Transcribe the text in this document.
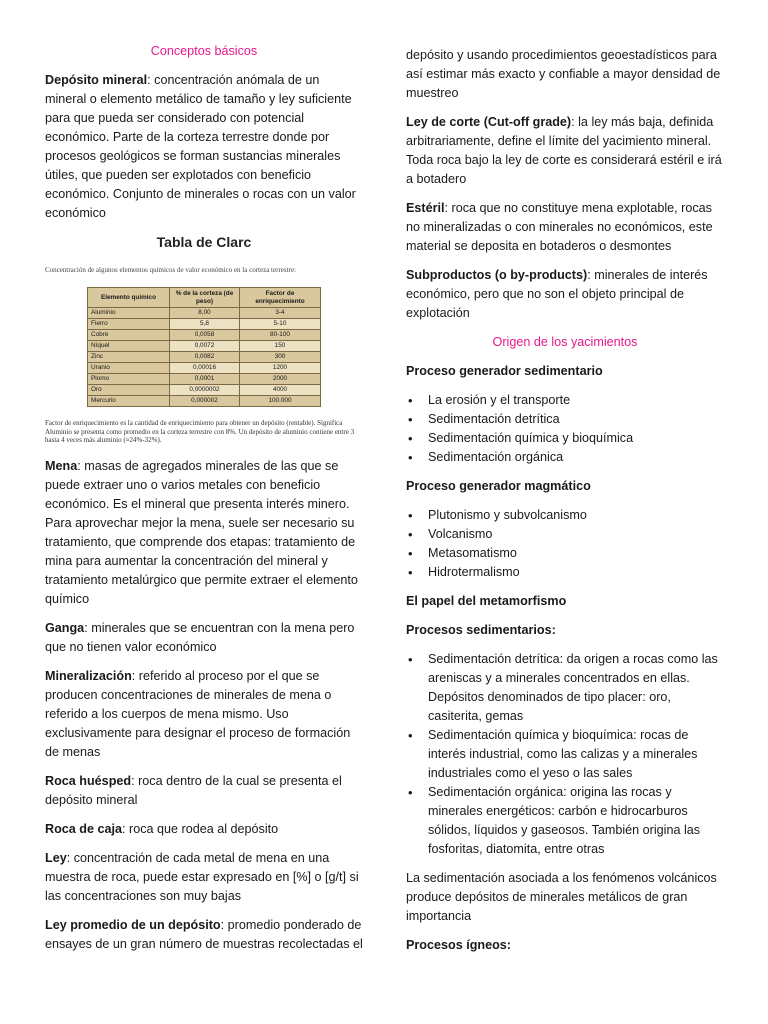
Conceptos básicos

Depósito mineral: concentración anómala de un mineral o elemento metálico de tamaño y ley suficiente para que pueda ser considerado con potencial económico. Parte de la corteza terrestre donde por procesos geológicos se forman sustancias minerales útiles, que pueden ser explotados con beneficio económico. Conjunto de minerales o rocas con un valor económico

Tabla de Clarc
Concentración de algunos elementos químicos de valor económico en la corteza terrestre:
Elemento químico	% de la corteza (de peso)	Factor de enriquecimiento
Aluminio	8,00	3-4
Fierro	5,8	5-10
Cobre	0,0058	80-100
Níquel	0,0072	150
Zinc	0,0082	300
Uranio	0,00016	1200
Plomo	0,0001	2000
Oro	0,0000002	4000
Mercurio	0,000002	100.000
Factor de enriquecimiento es la cantidad de enriquecimiento para obtener un depósito (rentable). Significa Aluminio se presenta como promedio en la corteza terrestre con 8%. Un depósito de aluminio contiene entre 3 hasta 4 veces más aluminio (≈24%-32%).

Mena: masas de agregados minerales de las que se puede extraer uno o varios metales con beneficio económico. Es el mineral que presenta interés minero. Para aprovechar mejor la mena, suele ser necesario su tratamiento, que comprende dos etapas: tratamiento de mina para aumentar la concentración del mineral y tratamiento metalúrgico que permite extraer el elemento químico

Ganga: minerales que se encuentran con la mena pero que no tienen valor económico

Mineralización: referido al proceso por el que se producen concentraciones de minerales de mena o referido a los cuerpos de mena mismo. Uso exclusivamente para designar el proceso de formación de menas

Roca huésped: roca dentro de la cual se presenta el depósito mineral

Roca de caja: roca que rodea al depósito

Ley: concentración de cada metal de mena en una muestra de roca, puede estar expresado en [%] o [g/t] si las concentraciones son muy bajas

Ley promedio de un depósito: promedio ponderado de ensayes de un gran número de muestras recolectadas el

depósito y usando procedimientos geoestadísticos para así estimar más exacto y confiable a mayor densidad de muestreo

Ley de corte (Cut-off grade): la ley más baja, definida arbitrariamente, define el límite del yacimiento mineral. Toda roca bajo la ley de corte es considerará estéril e irá a botadero

Estéril: roca que no constituye mena explotable, rocas no mineralizadas o con minerales no económicos, este material se deposita en botaderos o desmontes

Subproductos (o by-products): minerales de interés económico, pero que no son el objeto principal de explotación

Origen de los yacimientos
Proceso generador sedimentario
• La erosión y el transporte
• Sedimentación detrítica
• Sedimentación química y bioquímica
• Sedimentación orgánica
Proceso generador magmático
• Plutonismo y subvolcanismo
• Volcanismo
• Metasomatismo
• Hidrotermalismo
El papel del metamorfismo
Procesos sedimentarios:
• Sedimentación detrítica: da origen a rocas como las areniscas y a minerales concentrados en ellas. Depósitos denominados de tipo placer: oro, casiterita, gemas
• Sedimentación química y bioquímica: rocas de interés industrial, como las calizas y a minerales industriales como el yeso o las sales
• Sedimentación orgánica: origina las rocas y minerales energéticos: carbón e hidrocarburos sólidos, líquidos y gaseosos. También origina las fosforitas, diatomita, entre otras

La sedimentación asociada a los fenómenos volcánicos produce depósitos de minerales metálicos de gran importancia

Procesos ígneos:
